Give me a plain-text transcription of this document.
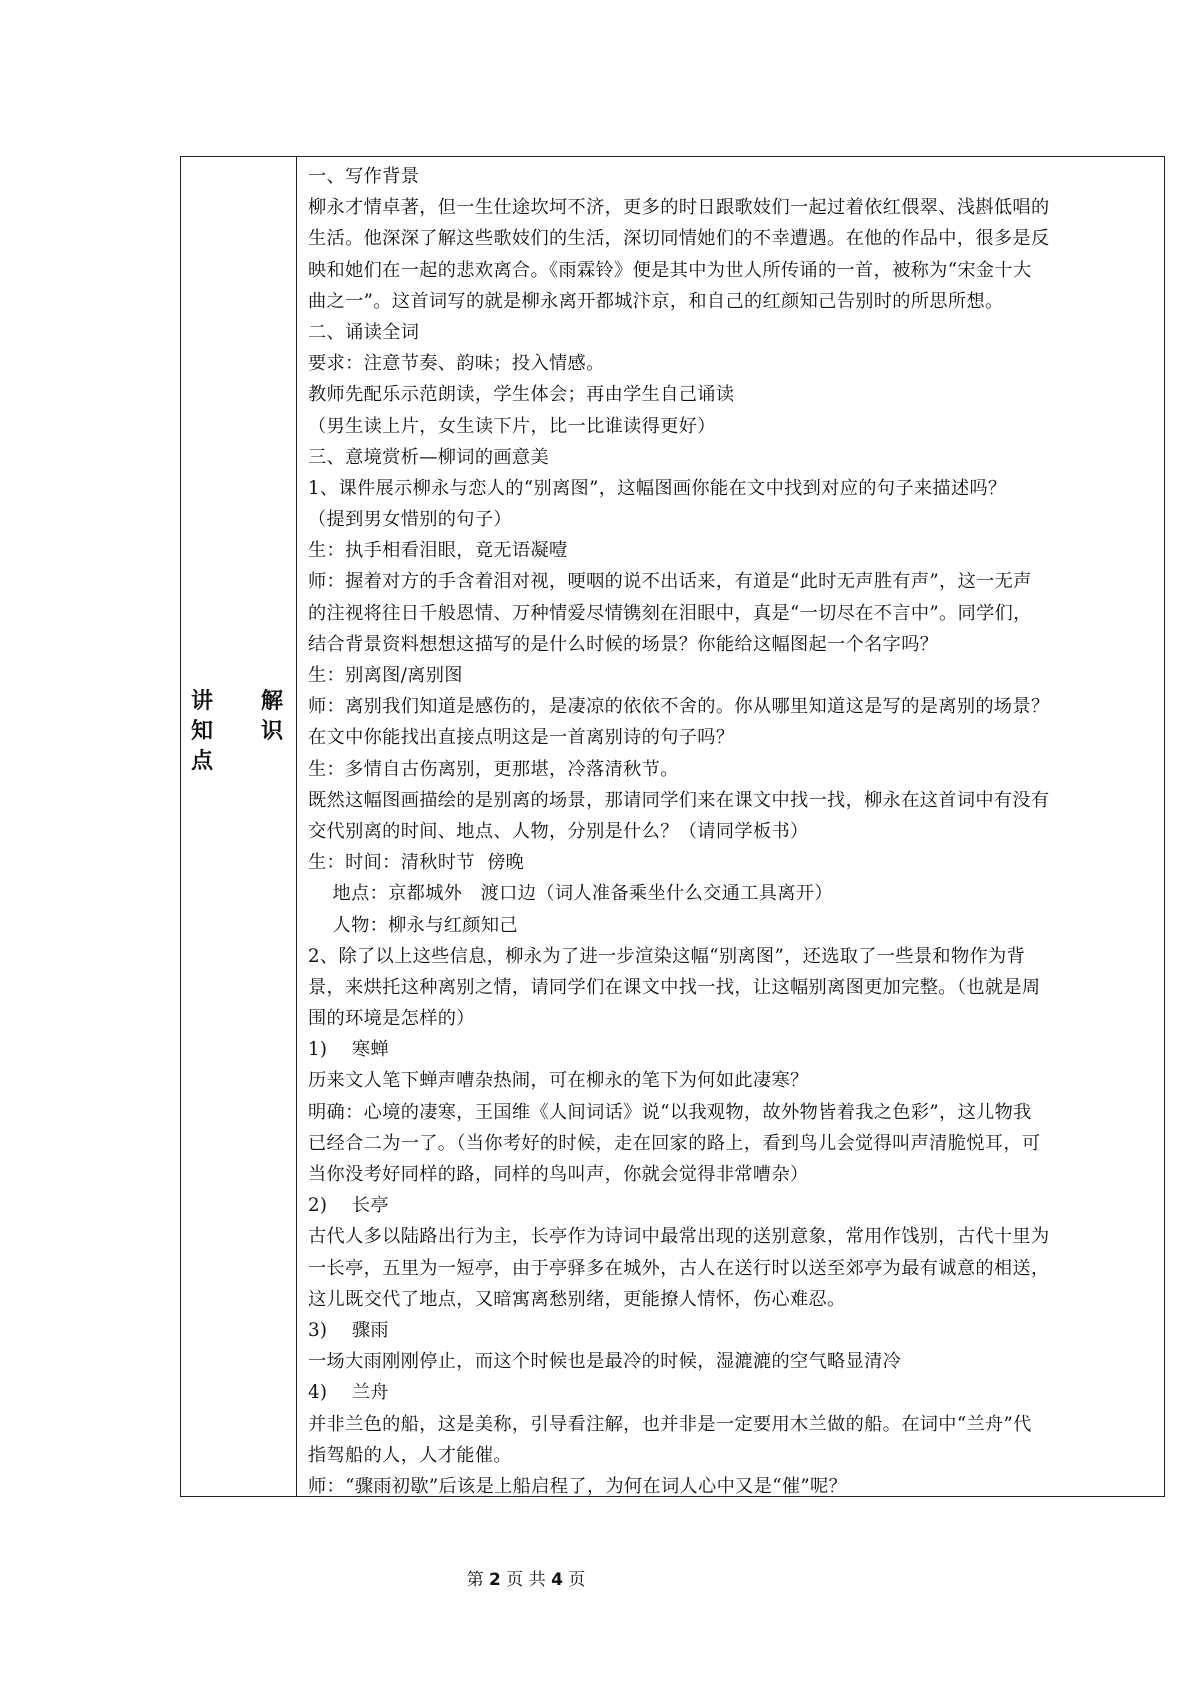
讲 解
知 识
点
一、写作背景
柳永才情卓著，但一生仕途坎坷不济，更多的时日跟歌妓们一起过着依红偎翠、浅斟低唱的
生活。他深深了解这些歌妓们的生活，深切同情她们的不幸遭遇。在他的作品中，很多是反
映和她们在一起的悲欢离合。《雨霖铃》便是其中为世人所传诵的一首，被称为“宋金十大
曲之一”。这首词写的就是柳永离开都城汴京，和自己的红颜知己告别时的所思所想。
二、诵读全词
要求：注意节奏、韵味；投入情感。
教师先配乐示范朗读，学生体会；再由学生自己诵读
（男生读上片，女生读下片，比一比谁读得更好）
三、意境赏析—柳词的画意美
1、课件展示柳永与恋人的“别离图”，这幅图画你能在文中找到对应的句子来描述吗？
（提到男女惜别的句子）
生：执手相看泪眼，竟无语凝噎
师：握着对方的手含着泪对视，哽咽的说不出话来，有道是“此时无声胜有声”，这一无声
的注视将往日千般恩情、万种情爱尽情镌刻在泪眼中，真是“一切尽在不言中”。同学们，
结合背景资料想想这描写的是什么时候的场景？你能给这幅图起一个名字吗？
生：别离图/离别图
师：离别我们知道是感伤的，是凄凉的依依不舍的。你从哪里知道这是写的是离别的场景？
在文中你能找出直接点明这是一首离别诗的句子吗？
生：多情自古伤离别，更那堪，冷落清秋节。
既然这幅图画描绘的是别离的场景，那请同学们来在课文中找一找，柳永在这首词中有没有
交代别离的时间、地点、人物，分别是什么？（请同学板书）
生：时间：清秋时节  傍晚
地点：京都城外   渡口边（词人准备乘坐什么交通工具离开）
人物：柳永与红颜知己
2、除了以上这些信息，柳永为了进一步渲染这幅“别离图”，还选取了一些景和物作为背
景，来烘托这种离别之情，请同学们在课文中找一找，让这幅别离图更加完整。（也就是周
围的环境是怎样的）
1)    寒蝉
历来文人笔下蝉声嘈杂热闹，可在柳永的笔下为何如此凄寒？
明确：心境的凄寒，王国维《人间词话》说“以我观物，故外物皆着我之色彩”，这儿物我
已经合二为一了。（当你考好的时候，走在回家的路上，看到鸟儿会觉得叫声清脆悦耳，可
当你没考好同样的路，同样的鸟叫声，你就会觉得非常嘈杂）
2)    长亭
古代人多以陆路出行为主，长亭作为诗词中最常出现的送别意象，常用作饯别，古代十里为
一长亭，五里为一短亭，由于亭驿多在城外，古人在送行时以送至郊亭为最有诚意的相送，
这儿既交代了地点，又暗寓离愁别绪，更能撩人情怀，伤心难忍。
3)    骤雨
一场大雨刚刚停止，而这个时候也是最冷的时候，湿漉漉的空气略显清冷
4)    兰舟
并非兰色的船，这是美称，引导看注解，也并非是一定要用木兰做的船。在词中“兰舟”代
指驾船的人，人才能催。
师：“骤雨初歇”后该是上船启程了，为何在词人心中又是“催”呢？
第 2 页 共 4 页
